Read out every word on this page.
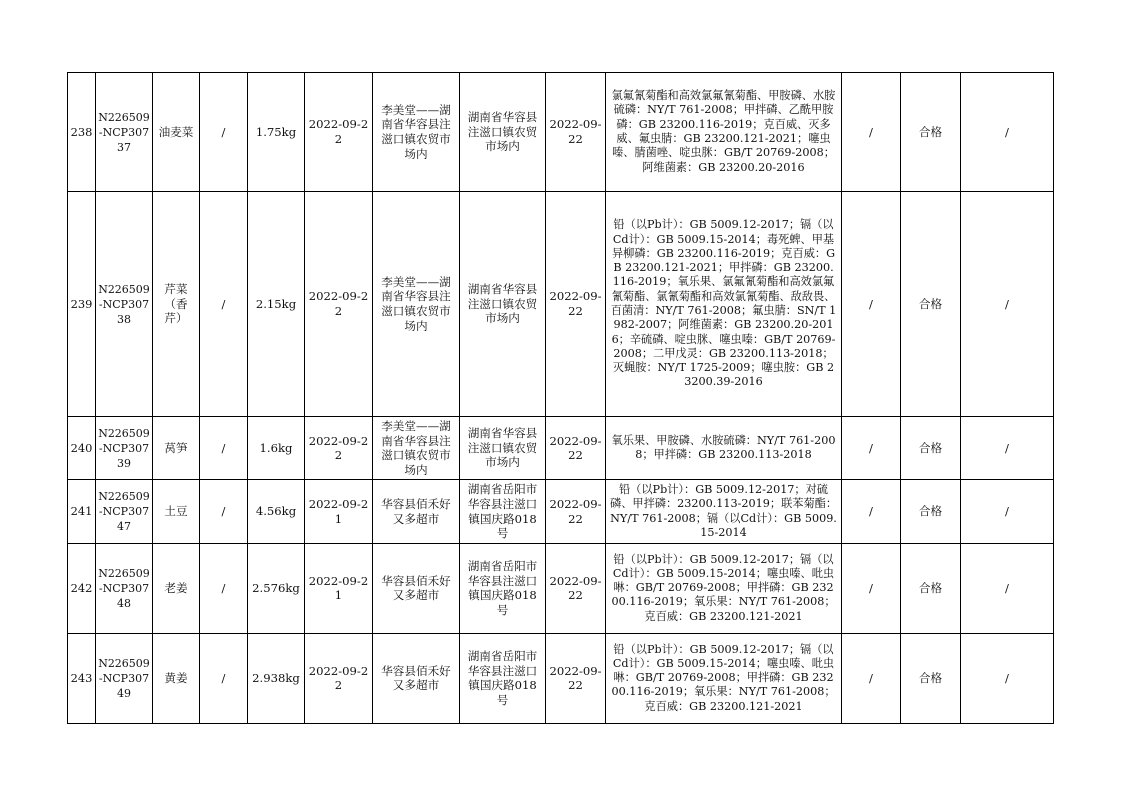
238	N226509-NCP30737	油麦菜	/	1.75kg	2022-09-22	李美堂——湖南省华容县注滋口镇农贸市场内	湖南省华容县注滋口镇农贸市场内	2022-09-22	氯氟氰菊酯和高效氯氟氰菊酯、甲胺磷、水胺硫磷：NY/T 761-2008；甲拌磷、乙酰甲胺磷：GB 23200.116-2019；克百威、灭多威、氟虫腈：GB 23200.121-2021；噻虫嗪、腈菌唑、啶虫脒：GB/T 20769-2008；阿维菌素：GB 23200.20-2016	/	合格	/
239	N226509-NCP30738	芹菜（香芹）	/	2.15kg	2022-09-22	李美堂——湖南省华容县注滋口镇农贸市场内	湖南省华容县注滋口镇农贸市场内	2022-09-22	铅（以Pb计）：GB 5009.12-2017；镉（以Cd计）：GB 5009.15-2014；毒死蜱、甲基异柳磷：GB 23200.116-2019；克百威：GB 23200.121-2021；甲拌磷：GB 23200.116-2019；氧乐果、氯氟氰菊酯和高效氯氟氰菊酯、氯氰菊酯和高效氯氰菊酯、敌敌畏、百菌清：NY/T 761-2008；氟虫腈：SN/T 1982-2007；阿维菌素：GB 23200.20-2016；辛硫磷、啶虫脒、噻虫嗪：GB/T 20769-2008；二甲戊灵：GB 23200.113-2018；灭蝇胺：NY/T 1725-2009；噻虫胺：GB 23200.39-2016	/	合格	/
240	N226509-NCP30739	莴笋	/	1.6kg	2022-09-22	李美堂——湖南省华容县注滋口镇农贸市场内	湖南省华容县注滋口镇农贸市场内	2022-09-22	氧乐果、甲胺磷、水胺硫磷：NY/T 761-2008；甲拌磷：GB 23200.113-2018	/	合格	/
241	N226509-NCP30747	土豆	/	4.56kg	2022-09-21	华容县佰禾好又多超市	湖南省岳阳市华容县注滋口镇国庆路018号	2022-09-22	铅（以Pb计）：GB 5009.12-2017；对硫磷、甲拌磷：23200.113-2019；联苯菊酯：NY/T 761-2008；镉（以Cd计）：GB 5009.15-2014	/	合格	/
242	N226509-NCP30748	老姜	/	2.576kg	2022-09-21	华容县佰禾好又多超市	湖南省岳阳市华容县注滋口镇国庆路018号	2022-09-22	铅（以Pb计）：GB 5009.12-2017；镉（以Cd计）：GB 5009.15-2014；噻虫嗪、吡虫啉：GB/T 20769-2008；甲拌磷：GB 23200.116-2019；氧乐果：NY/T 761-2008；克百威：GB 23200.121-2021	/	合格	/
243	N226509-NCP30749	黄姜	/	2.938kg	2022-09-22	华容县佰禾好又多超市	湖南省岳阳市华容县注滋口镇国庆路018号	2022-09-22	铅（以Pb计）：GB 5009.12-2017；镉（以Cd计）：GB 5009.15-2014；噻虫嗪、吡虫啉：GB/T 20769-2008；甲拌磷：GB 23200.116-2019；氧乐果：NY/T 761-2008；克百威：GB 23200.121-2021	/	合格	/
